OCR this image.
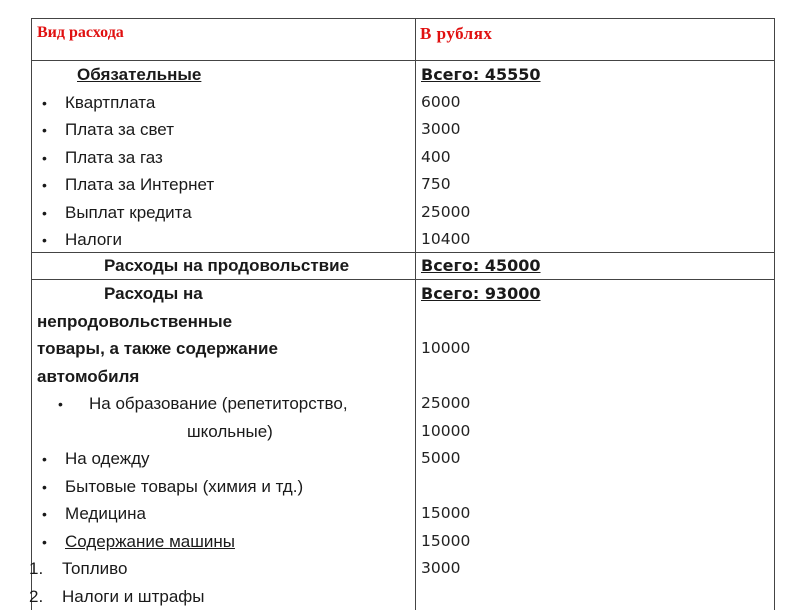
Вид расхода	В рублях
Обязательные
• Квартплата
• Плата за свет
• Плата за газ
• Плата за Интернет
• Выплат кредита
• Налоги
Всего: 45550
6000
3000
400
750
25000
10400
Расходы на продовольствие	Всего: 45000
Расходы на
непродовольственные
товары, а также содержание
автомобиля
• На образование (репетиторство,
школьные)
• На одежду
• Бытовые товары (химия и тд.)
• Медицина
• Содержание машины
1. Топливо
2. Налоги и штрафы
Всего: 93000
10000
25000
10000
5000
15000
15000
3000
